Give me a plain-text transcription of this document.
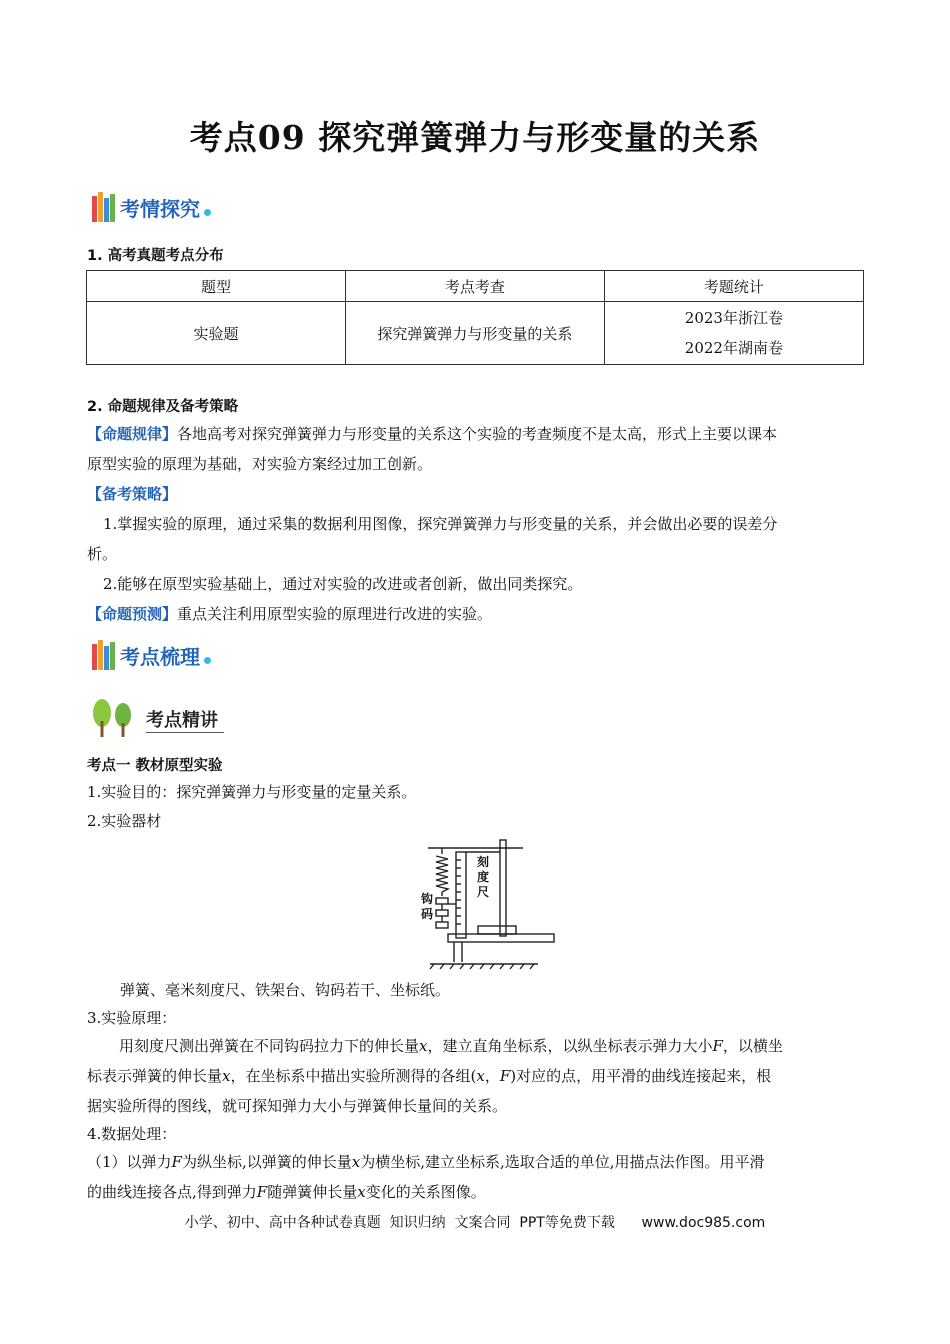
考点09 探究弹簧弹力与形变量的关系
考情探究
1. 高考真题考点分布
题型	考点考查	考题统计
实验题	探究弹簧弹力与形变量的关系	2023年浙江卷
2022年湖南卷
2. 命题规律及备考策略
【命题规律】各地高考对探究弹簧弹力与形变量的关系这个实验的考查频度不是太高，形式上主要以课本
原型实验的原理为基础，对实验方案经过加工创新。
【备考策略】
1.掌握实验的原理，通过采集的数据利用图像，探究弹簧弹力与形变量的关系，并会做出必要的误差分
析。
2.能够在原型实验基础上，通过对实验的改进或者创新，做出同类探究。
【命题预测】重点关注利用原型实验的原理进行改进的实验。
考点梳理
考点精讲
考点一 教材原型实验
1.实验目的：探究弹簧弹力与形变量的定量关系。
2.实验器材
刻度尺
钩码
弹簧、毫米刻度尺、铁架台、钩码若干、坐标纸。
3.实验原理：
用刻度尺测出弹簧在不同钩码拉力下的伸长量x，建立直角坐标系，以纵坐标表示弹力大小F，以横坐
标表示弹簧的伸长量x，在坐标系中描出实验所测得的各组(x，F)对应的点，用平滑的曲线连接起来，根
据实验所得的图线，就可探知弹力大小与弹簧伸长量间的关系。
4.数据处理：
（1）以弹力F为纵坐标,以弹簧的伸长量x为横坐标,建立坐标系,选取合适的单位,用描点法作图。用平滑
的曲线连接各点,得到弹力F随弹簧伸长量x变化的关系图像。
小学、初中、高中各种试卷真题  知识归纳  文案合同  PPT等免费下载      www.doc985.com
